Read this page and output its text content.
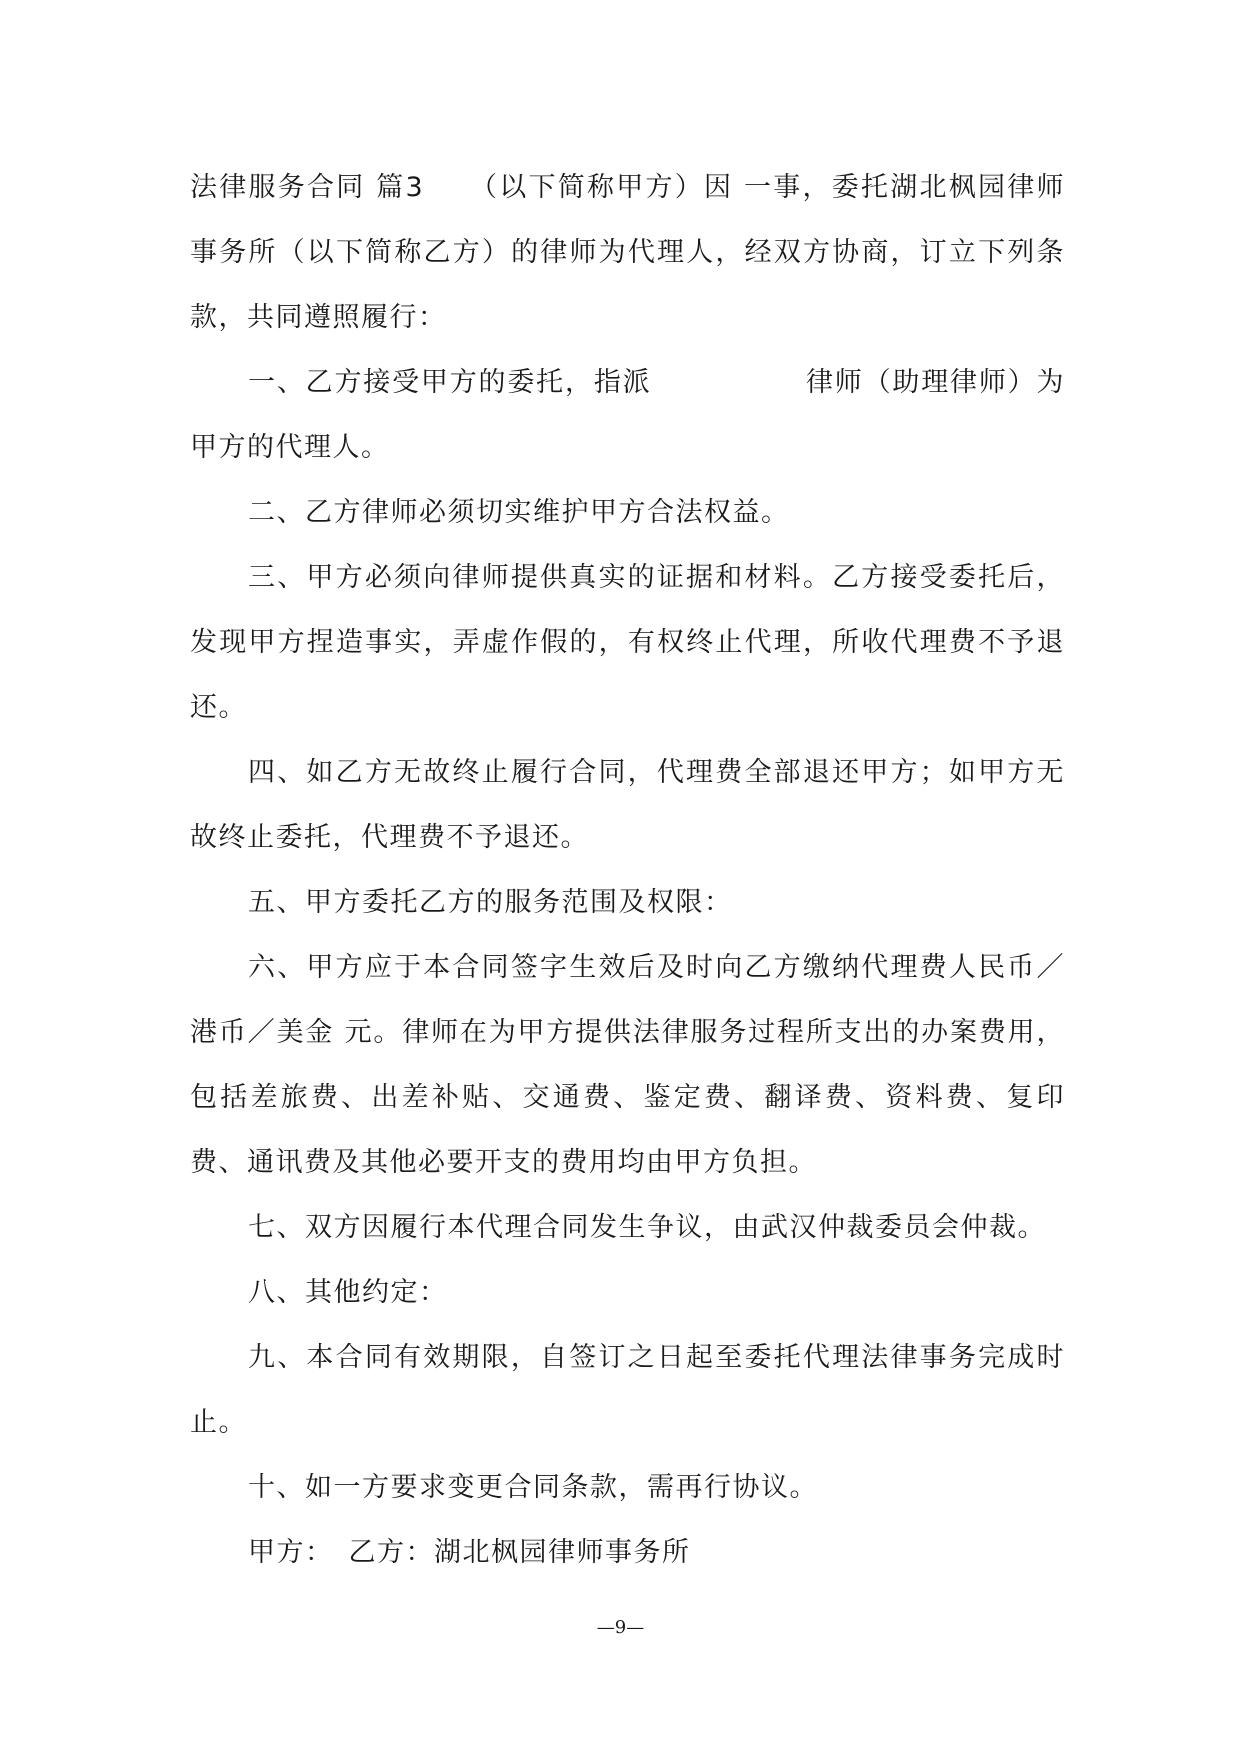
法律服务合同 篇3　　（以下简称甲方）因 一事，委托湖北枫园律师事务所（以下简称乙方）的律师为代理人，经双方协商，订立下列条款，共同遵照履行：

一、乙方接受甲方的委托，指派　　　　　 律师（助理律师）为甲方的代理人。

二、乙方律师必须切实维护甲方合法权益。

三、甲方必须向律师提供真实的证据和材料。乙方接受委托后，发现甲方捏造事实，弄虚作假的，有权终止代理，所收代理费不予退还。

四、如乙方无故终止履行合同，代理费全部退还甲方；如甲方无故终止委托，代理费不予退还。

五、甲方委托乙方的服务范围及权限：

六、甲方应于本合同签字生效后及时向乙方缴纳代理费人民币／港币／美金 元。律师在为甲方提供法律服务过程所支出的办案费用，包括差旅费、出差补贴、交通费、鉴定费、翻译费、资料费、复印费、通讯费及其他必要开支的费用均由甲方负担。

七、双方因履行本代理合同发生争议，由武汉仲裁委员会仲裁。

八、其他约定：

九、本合同有效期限，自签订之日起至委托代理法律事务完成时止。

十、如一方要求变更合同条款，需再行协议。

甲方：　乙方：湖北枫园律师事务所

—9—
